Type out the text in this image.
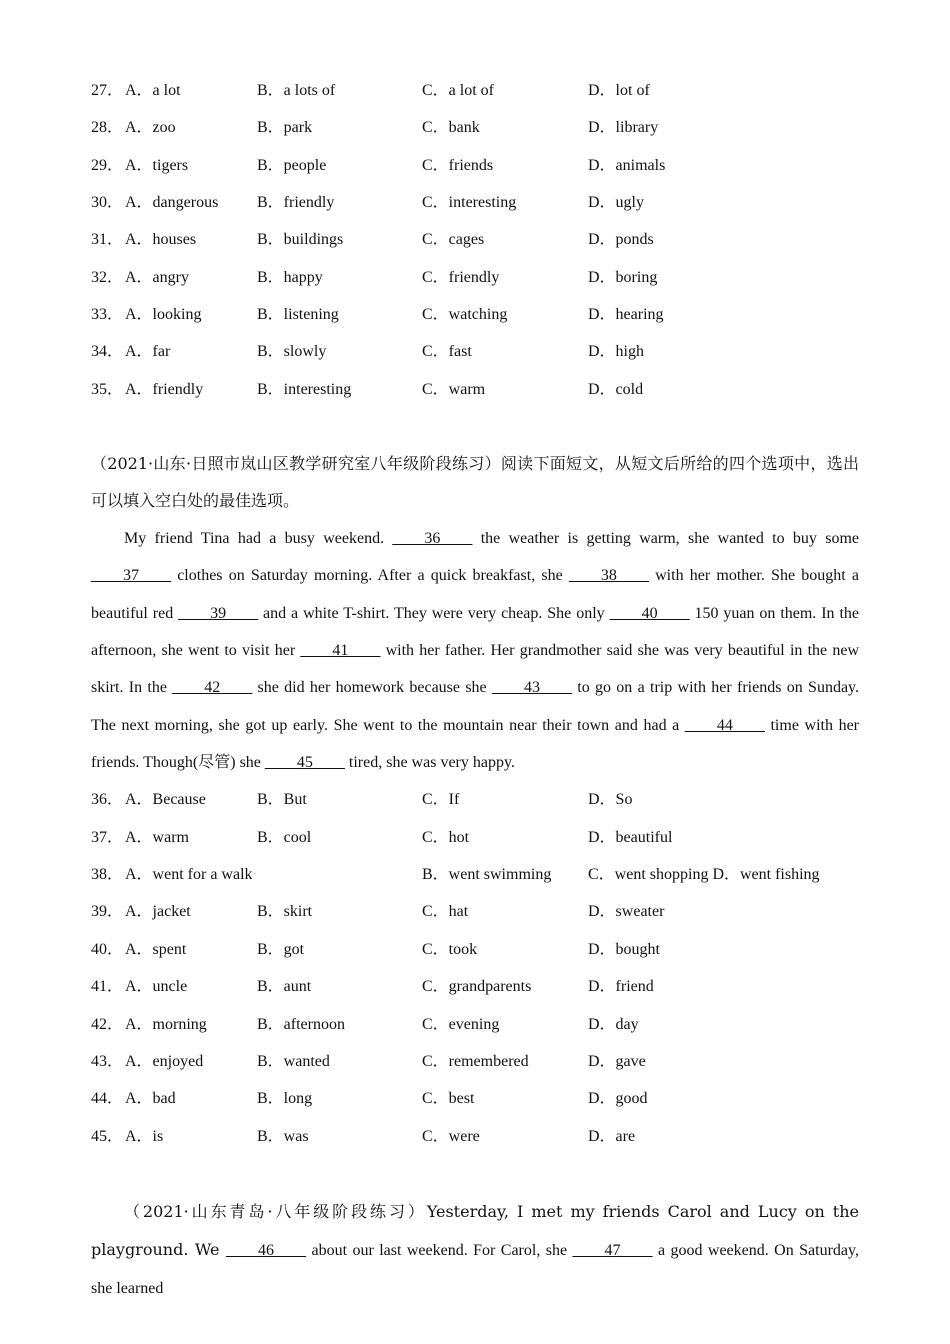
27． A．a lot	B．a lots of	C．a lot of	D．lot of
28． A．zoo	B．park	C．bank	D．library
29． A．tigers	B．people	C．friends	D．animals
30． A．dangerous B．friendly	C．interesting	D．ugly
31． A．houses	B．buildings	C．cages	D．ponds
32． A．angry	B．happy	C．friendly	D．boring
33． A．looking	B．listening	C．watching	D．hearing
34． A．far	B．slowly	C．fast	D．high
35． A．friendly	B．interesting	C．warm	D．cold

（2021·山东·日照市岚山区教学研究室八年级阶段练习）阅读下面短文，从短文后所给的四个选项中，选出可以填入空白处的最佳选项。

My friend Tina had a busy weekend. ____36____ the weather is getting warm, she wanted to buy some ____37____ clothes on Saturday morning. After a quick breakfast, she ____38____ with her mother. She bought a beautiful red ____39____ and a white T-shirt. They were very cheap. She only ____40____ 150 yuan on them. In the afternoon, she went to visit her ____41____ with her father. Her grandmother said she was very beautiful in the new skirt. In the ____42____ she did her homework because she ____43____ to go on a trip with her friends on Sunday. The next morning, she got up early. She went to the mountain near their town and had a ____44____ time with her friends. Though(尽管) she ____45____ tired, she was very happy.

36． A．Because	B．But	C．If	D．So
37． A．warm	B．cool	C．hot	D．beautiful
38． A．went for a walk	B．went swimming C．went shopping D．went fishing
39． A．jacket	B．skirt	C．hat	D．sweater
40． A．spent	B．got	C．took	D．bought
41． A．uncle	B．aunt	C．grandparents	D．friend
42． A．morning	B．afternoon	C．evening	D．day
43． A．enjoyed	B．wanted	C．remembered	D．gave
44． A．bad	B．long	C．best	D．good
45． A．is	B．was	C．were	D．are

（2021·山东青岛·八年级阶段练习）Yesterday, I met my friends Carol and Lucy on the playground. We ____46____ about our last weekend. For Carol, she ____47____ a good weekend. On Saturday, she learned
